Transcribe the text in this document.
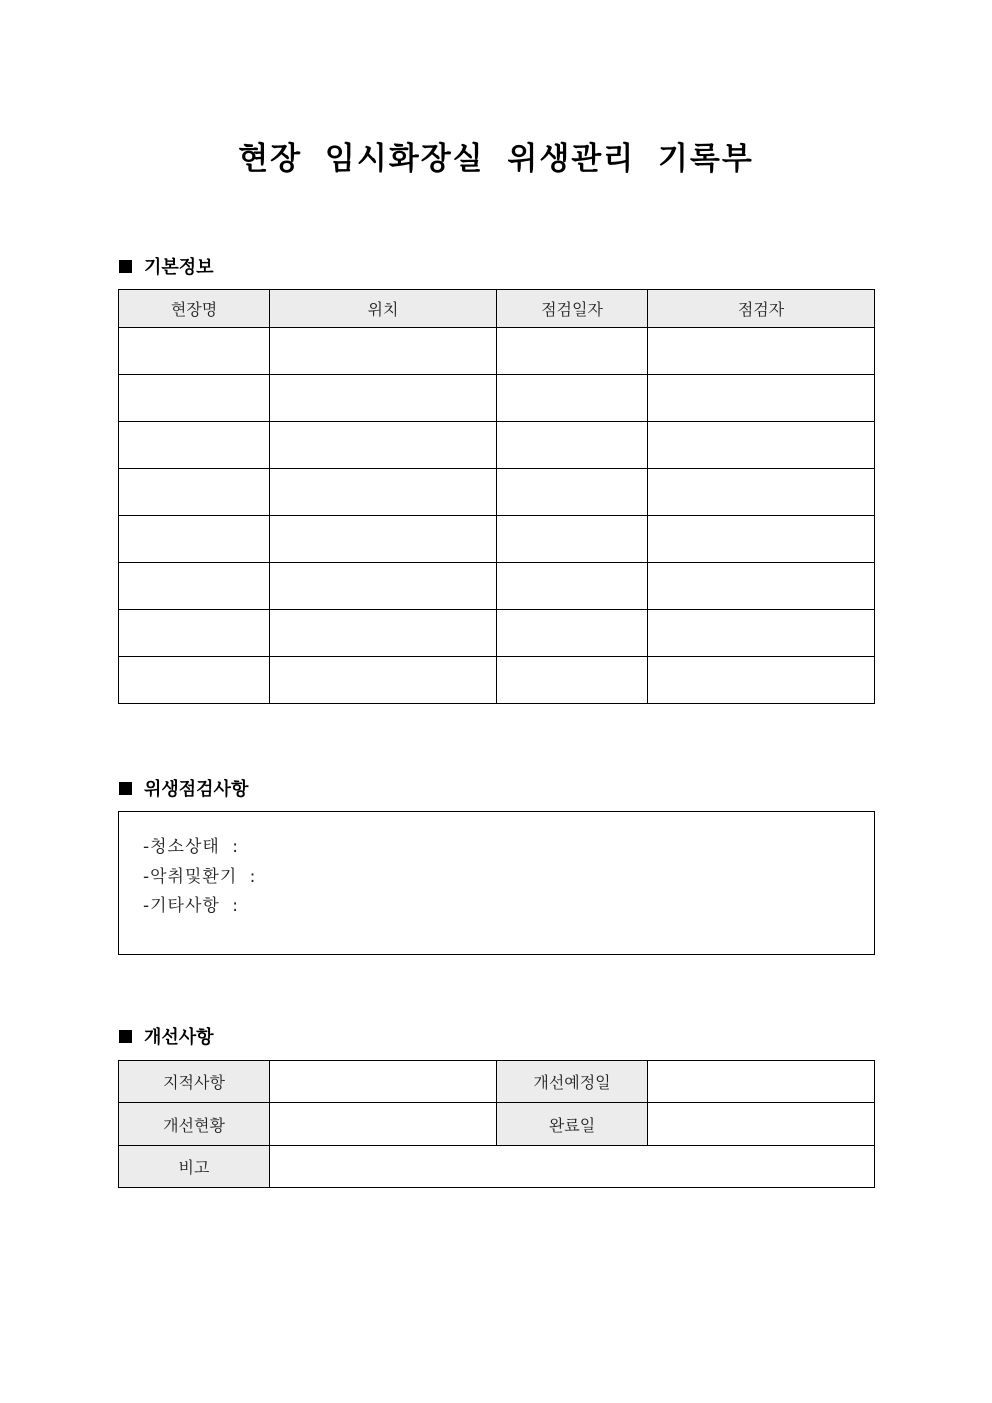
현장 임시화장실 위생관리 기록부
기본정보
현장명	위치	점검일자	점검자

위생점검사항
-청소상태 :
-악취및환기 :
-기타사항 :
개선사항
지적사항		개선예정일	
개선현황		완료일	
비고			
